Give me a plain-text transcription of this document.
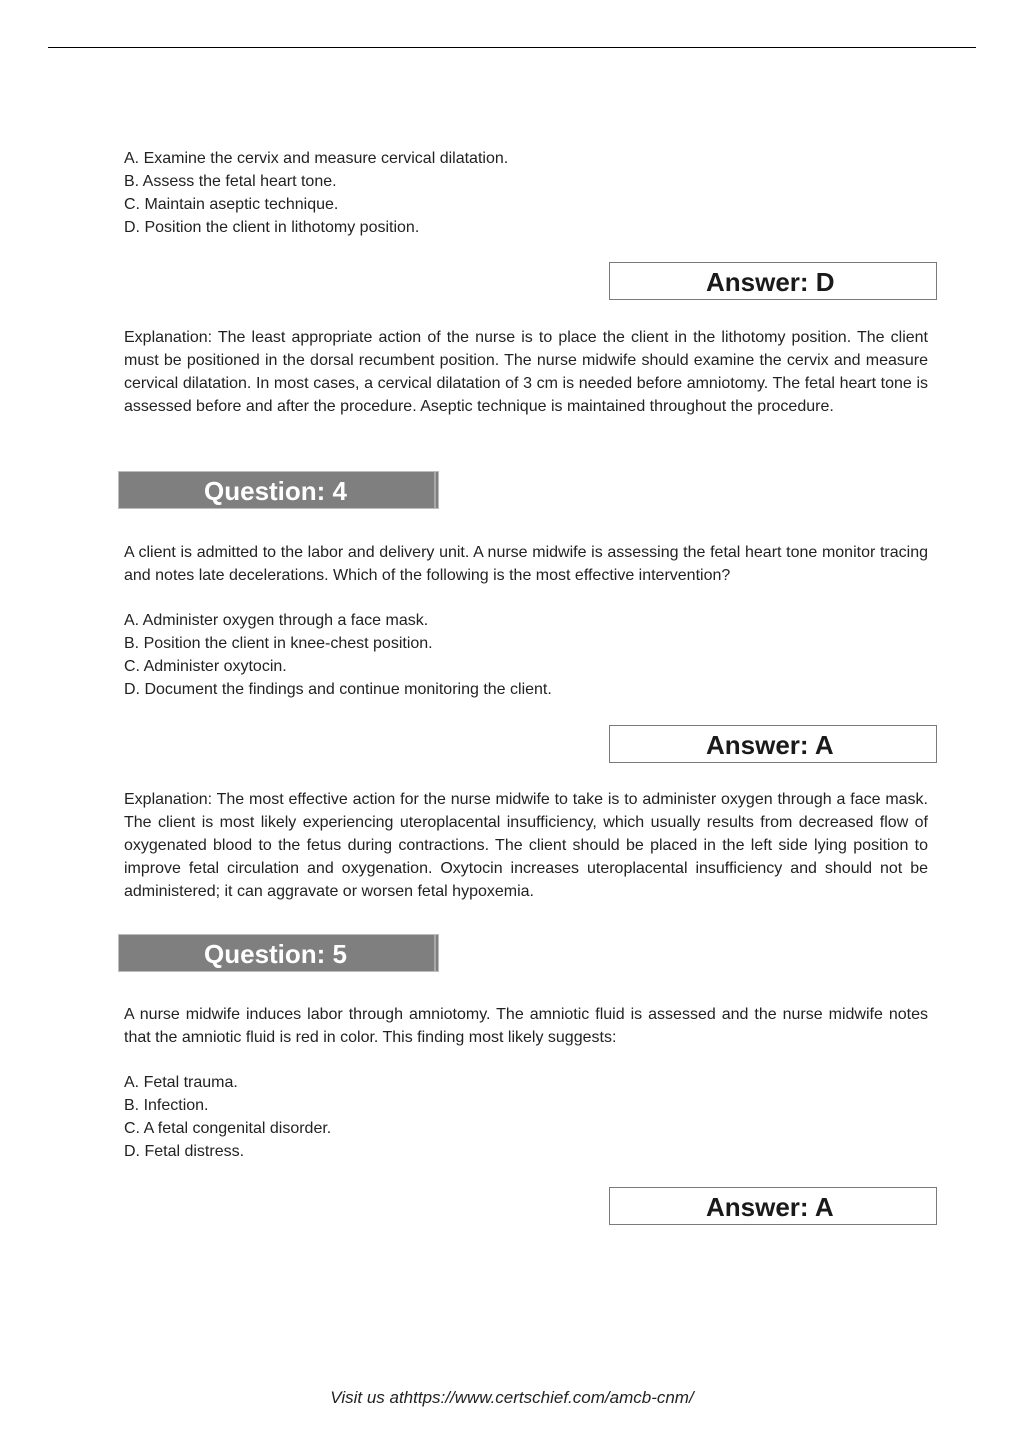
A. Examine the cervix and measure cervical dilatation.
B. Assess the fetal heart tone.
C. Maintain aseptic technique.
D. Position the client in lithotomy position.
Answer: D
Explanation: The least appropriate action of the nurse is to place the client in the lithotomy position. The client must be positioned in the dorsal recumbent position. The nurse midwife should examine the cervix and measure cervical dilatation. In most cases, a cervical dilatation of 3 cm is needed before amniotomy. The fetal heart tone is assessed before and after the procedure. Aseptic technique is maintained throughout the procedure.
Question: 4
A client is admitted to the labor and delivery unit. A nurse midwife is assessing the fetal heart tone monitor tracing and notes late decelerations. Which of the following is the most effective intervention?
A. Administer oxygen through a face mask.
B. Position the client in knee-chest position.
C. Administer oxytocin.
D. Document the findings and continue monitoring the client.
Answer: A
Explanation: The most effective action for the nurse midwife to take is to administer oxygen through a face mask. The client is most likely experiencing uteroplacental insufficiency, which usually results from decreased flow of oxygenated blood to the fetus during contractions. The client should be placed in the left side lying position to improve fetal circulation and oxygenation. Oxytocin increases uteroplacental insufficiency and should not be administered; it can aggravate or worsen fetal hypoxemia.
Question: 5
A nurse midwife induces labor through amniotomy. The amniotic fluid is assessed and the nurse midwife notes that the amniotic fluid is red in color. This finding most likely suggests:
A. Fetal trauma.
B. Infection.
C. A fetal congenital disorder.
D. Fetal distress.
Answer: A
Visit us athttps://www.certschief.com/amcb-cnm/
